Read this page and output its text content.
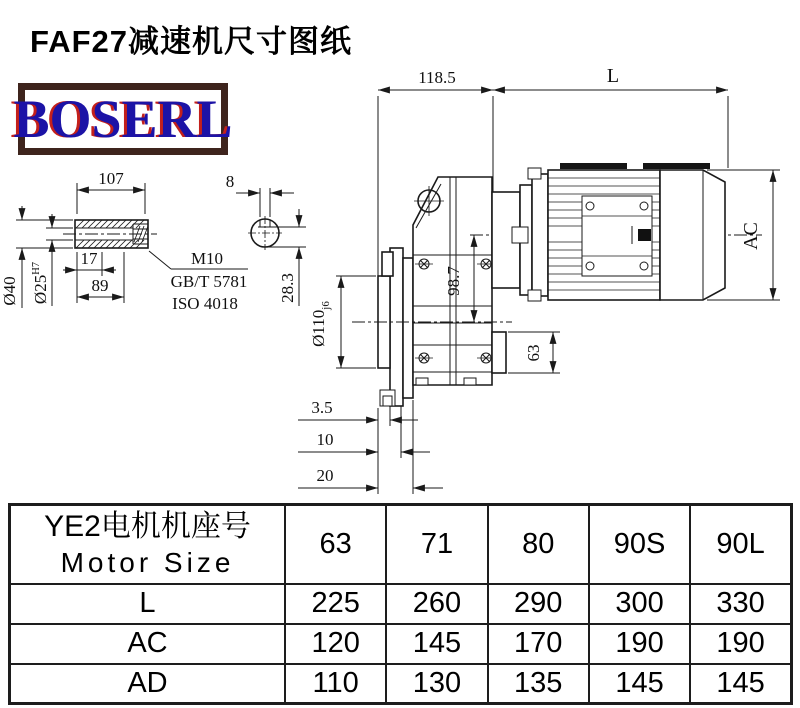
FAF27减速机尺寸图纸
BOSERL
107
Ø40 $Ø25^{H7}$
17
89
M10
GB/T 5781
ISO 4018
8
28.3
118.5	L
AC
$Ø110_{j6}$
63
98.7
3.5
10
20
YE2电机机座号
Motor Size	63	71	80	90S	90L
L	225	260	290	300	330
AC	120	145	170	190	190
AD	110	130	135	145	145
